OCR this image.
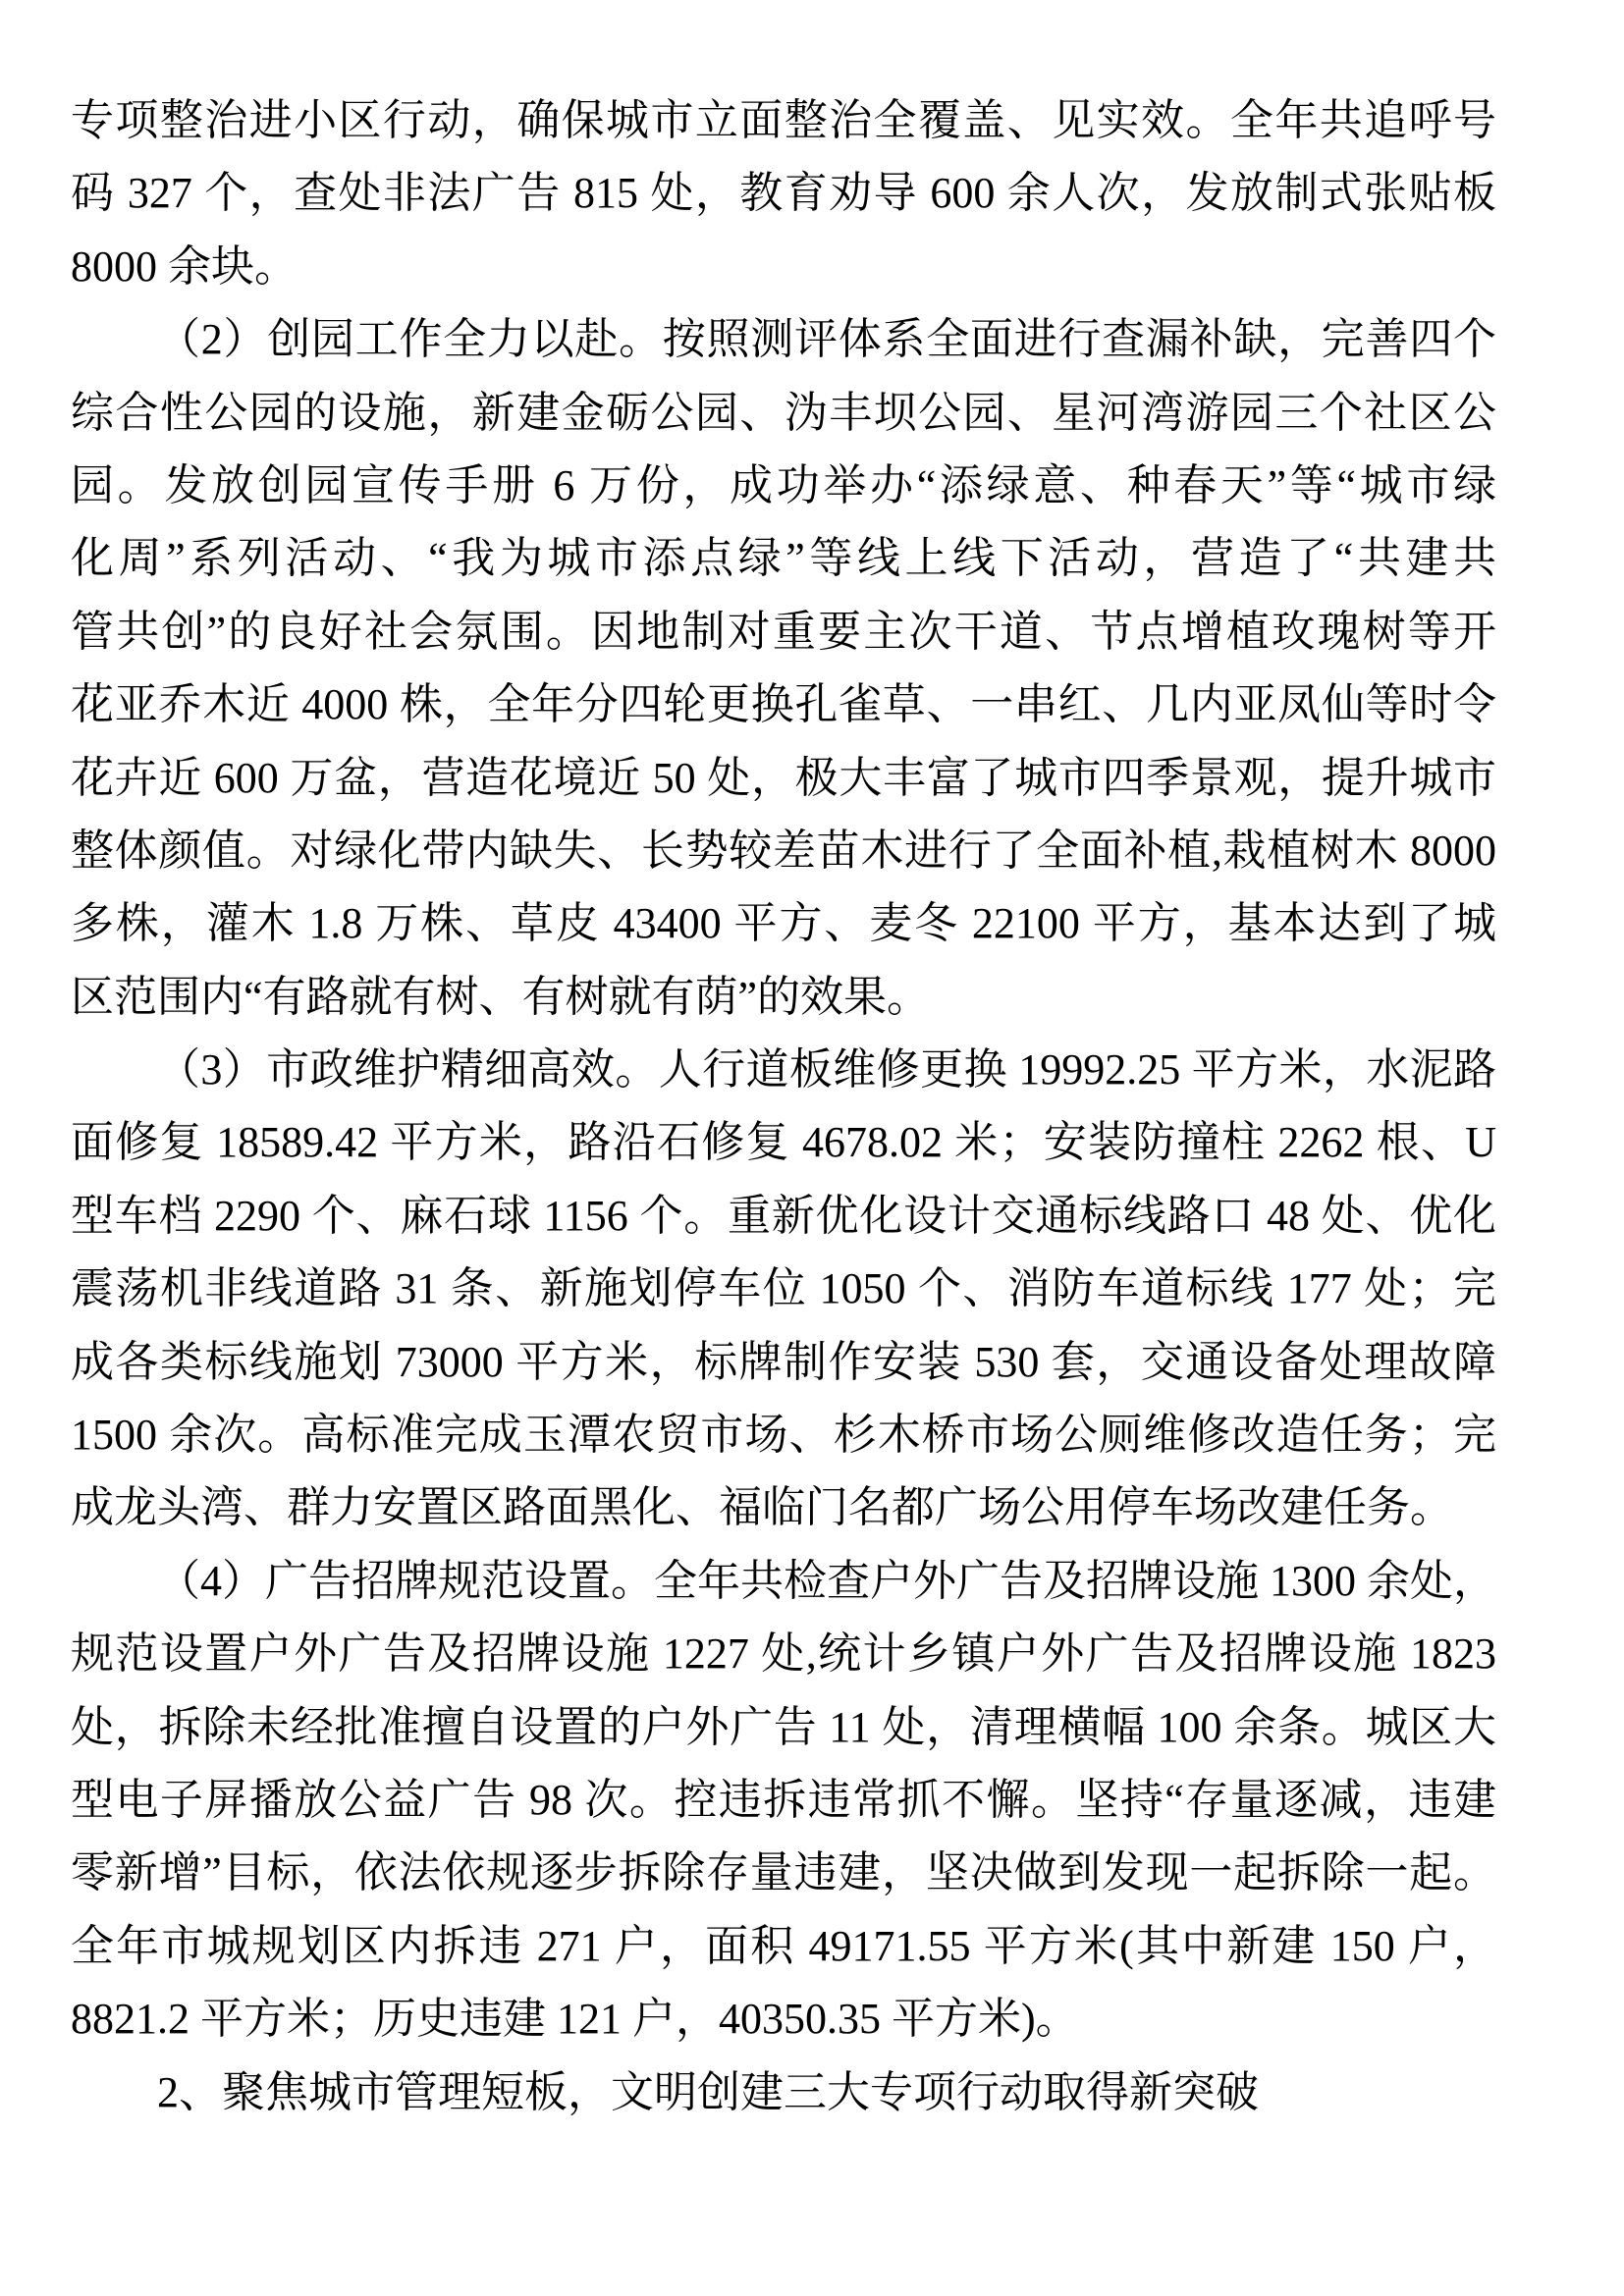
专项整治进小区行动，确保城市立面整治全覆盖、见实效。全年共追呼号

码 327 个，查处非法广告 815 处，教育劝导 600 余人次，发放制式张贴板

8000 余块。

（2）创园工作全力以赴。按照测评体系全面进行查漏补缺，完善四个

综合性公园的设施，新建金砺公园、沩丰坝公园、星河湾游园三个社区公

园。发放创园宣传手册 6 万份，成功举办“添绿意、种春天”等“城市绿

化周”系列活动、“我为城市添点绿”等线上线下活动，营造了“共建共

管共创”的良好社会氛围。因地制对重要主次干道、节点增植玫瑰树等开

花亚乔木近 4000 株，全年分四轮更换孔雀草、一串红、几内亚凤仙等时令

花卉近 600 万盆，营造花境近 50 处，极大丰富了城市四季景观，提升城市

整体颜值。对绿化带内缺失、长势较差苗木进行了全面补植,栽植树木 8000

多株，灌木 1.8 万株、草皮 43400 平方、麦冬 22100 平方，基本达到了城

区范围内“有路就有树、有树就有荫”的效果。

（3）市政维护精细高效。人行道板维修更换 19992.25 平方米，水泥路

面修复 18589.42 平方米，路沿石修复 4678.02 米；安装防撞柱 2262 根、U

型车档 2290 个、麻石球 1156 个。重新优化设计交通标线路口 48 处、优化

震荡机非线道路 31 条、新施划停车位 1050 个、消防车道标线 177 处；完

成各类标线施划 73000 平方米，标牌制作安装 530 套，交通设备处理故障

1500 余次。高标准完成玉潭农贸市场、杉木桥市场公厕维修改造任务；完

成龙头湾、群力安置区路面黑化、福临门名都广场公用停车场改建任务。

（4）广告招牌规范设置。全年共检查户外广告及招牌设施 1300 余处，

规范设置户外广告及招牌设施 1227 处,统计乡镇户外广告及招牌设施 1823

处，拆除未经批准擅自设置的户外广告 11 处，清理横幅 100 余条。城区大

型电子屏播放公益广告 98 次。控违拆违常抓不懈。坚持“存量逐减，违建

零新增”目标，依法依规逐步拆除存量违建，坚决做到发现一起拆除一起。

全年市城规划区内拆违 271 户，面积 49171.55 平方米(其中新建 150 户，

8821.2 平方米；历史违建 121 户，40350.35 平方米)。

2、聚焦城市管理短板，文明创建三大专项行动取得新突破
